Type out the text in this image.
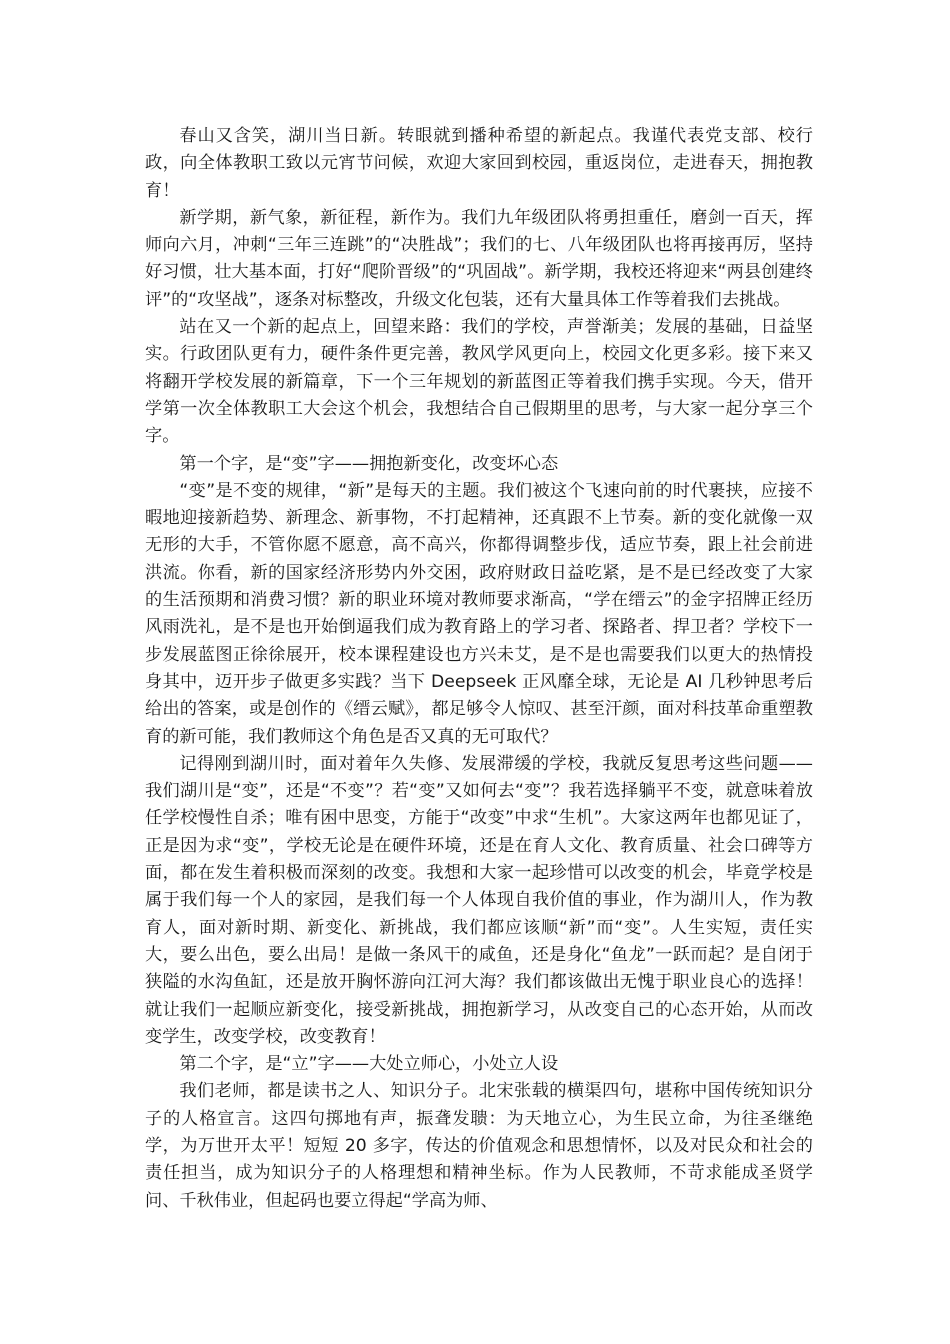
春山又含笑，湖川当日新。转眼就到播种希望的新起点。我谨代表党支部、校行政，向全体教职工致以元宵节问候，欢迎大家回到校园，重返岗位，走进春天，拥抱教育！

新学期，新气象，新征程，新作为。我们九年级团队将勇担重任，磨剑一百天，挥师向六月，冲刺“三年三连跳”的“决胜战”；我们的七、八年级团队也将再接再厉，坚持好习惯，壮大基本面，打好“爬阶晋级”的“巩固战”。新学期，我校还将迎来“两县创建终评”的“攻坚战”，逐条对标整改，升级文化包装，还有大量具体工作等着我们去挑战。

站在又一个新的起点上，回望来路：我们的学校，声誉渐美；发展的基础，日益坚实。行政团队更有力，硬件条件更完善，教风学风更向上，校园文化更多彩。接下来又将翻开学校发展的新篇章，下一个三年规划的新蓝图正等着我们携手实现。今天，借开学第一次全体教职工大会这个机会，我想结合自己假期里的思考，与大家一起分享三个字。

第一个字，是“变”字——拥抱新变化，改变坏心态

“变”是不变的规律，“新”是每天的主题。我们被这个飞速向前的时代裹挟，应接不暇地迎接新趋势、新理念、新事物，不打起精神，还真跟不上节奏。新的变化就像一双无形的大手，不管你愿不愿意，高不高兴，你都得调整步伐，适应节奏，跟上社会前进洪流。你看，新的国家经济形势内外交困，政府财政日益吃紧，是不是已经改变了大家的生活预期和消费习惯？新的职业环境对教师要求渐高，“学在缙云”的金字招牌正经历风雨洗礼，是不是也开始倒逼我们成为教育路上的学习者、探路者、捍卫者？学校下一步发展蓝图正徐徐展开，校本课程建设也方兴未艾，是不是也需要我们以更大的热情投身其中，迈开步子做更多实践？当下 Deepseek 正风靡全球，无论是 AI 几秒钟思考后给出的答案，或是创作的《缙云赋》，都足够令人惊叹、甚至汗颜，面对科技革命重塑教育的新可能，我们教师这个角色是否又真的无可取代？

记得刚到湖川时，面对着年久失修、发展滞缓的学校，我就反复思考这些问题——我们湖川是“变”，还是“不变”？若“变”又如何去“变”？我若选择躺平不变，就意味着放任学校慢性自杀；唯有困中思变，方能于“改变”中求“生机”。大家这两年也都见证了，正是因为求“变”，学校无论是在硬件环境，还是在育人文化、教育质量、社会口碑等方面，都在发生着积极而深刻的改变。我想和大家一起珍惜可以改变的机会，毕竟学校是属于我们每一个人的家园，是我们每一个人体现自我价值的事业，作为湖川人，作为教育人，面对新时期、新变化、新挑战，我们都应该顺“新”而“变”。人生实短，责任实大，要么出色，要么出局！是做一条风干的咸鱼，还是身化“鱼龙”一跃而起？是自闭于狭隘的水沟鱼缸，还是放开胸怀游向江河大海？我们都该做出无愧于职业良心的选择！就让我们一起顺应新变化，接受新挑战，拥抱新学习，从改变自己的心态开始，从而改变学生，改变学校，改变教育！

第二个字，是“立”字——大处立师心，小处立人设

我们老师，都是读书之人、知识分子。北宋张载的横渠四句，堪称中国传统知识分子的人格宣言。这四句掷地有声，振聋发聩：为天地立心，为生民立命，为往圣继绝学，为万世开太平！短短 20 多字，传达的价值观念和思想情怀，以及对民众和社会的责任担当，成为知识分子的人格理想和精神坐标。作为人民教师，不苛求能成圣贤学问、千秋伟业，但起码也要立得起“学高为师、
